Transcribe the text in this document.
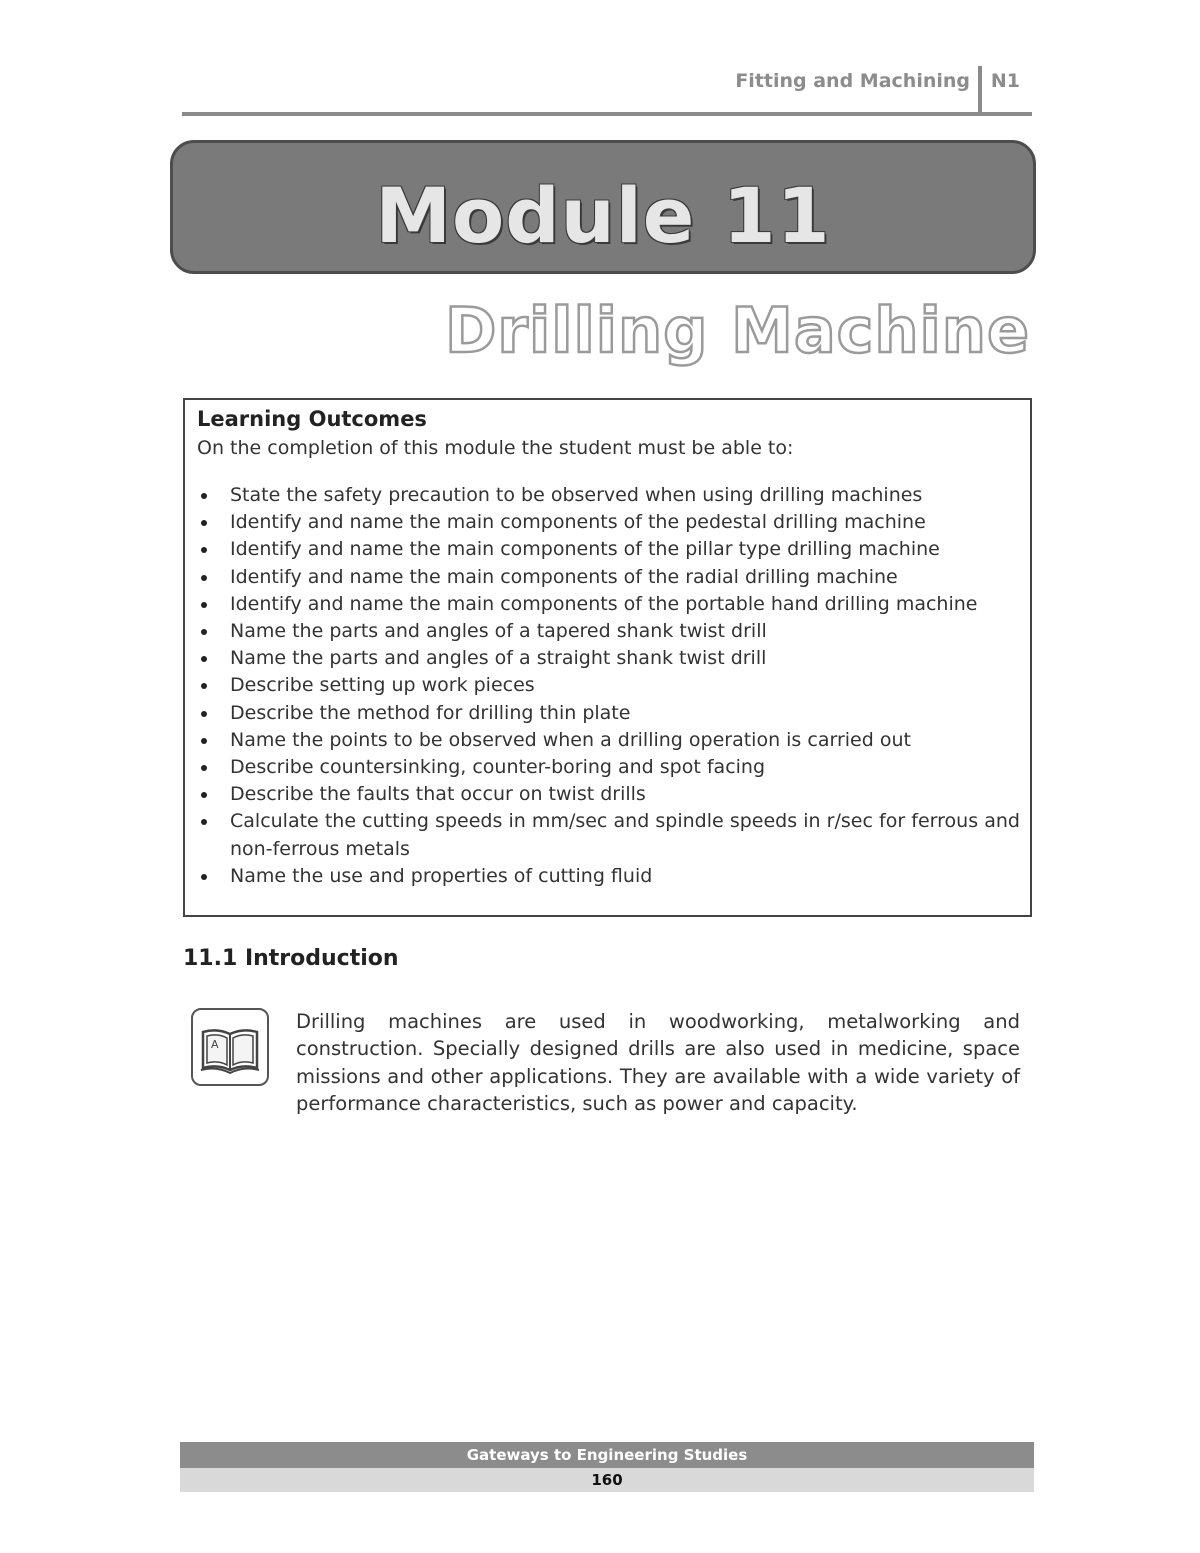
Fitting and Machining N1
Module 11
Drilling Machine
Learning Outcomes
On the completion of this module the student must be able to:
State the safety precaution to be observed when using drilling machines
Identify and name the main components of the pedestal drilling machine
Identify and name the main components of the pillar type drilling machine
Identify and name the main components of the radial drilling machine
Identify and name the main components of the portable hand drilling machine
Name the parts and angles of a tapered shank twist drill
Name the parts and angles of a straight shank twist drill
Describe setting up work pieces
Describe the method for drilling thin plate
Name the points to be observed when a drilling operation is carried out
Describe countersinking, counter-boring and spot facing
Describe the faults that occur on twist drills
Calculate the cutting speeds in mm/sec and spindle speeds in r/sec for ferrous and non-ferrous metals
Name the use and properties of cutting fluid
11.1 Introduction
A

Drilling machines are used in woodworking, metalworking and construction. Specially designed drills are also used in medicine, space missions and other applications. They are available with a wide variety of performance characteristics, such as power and capacity.

Gateways to Engineering Studies
160
